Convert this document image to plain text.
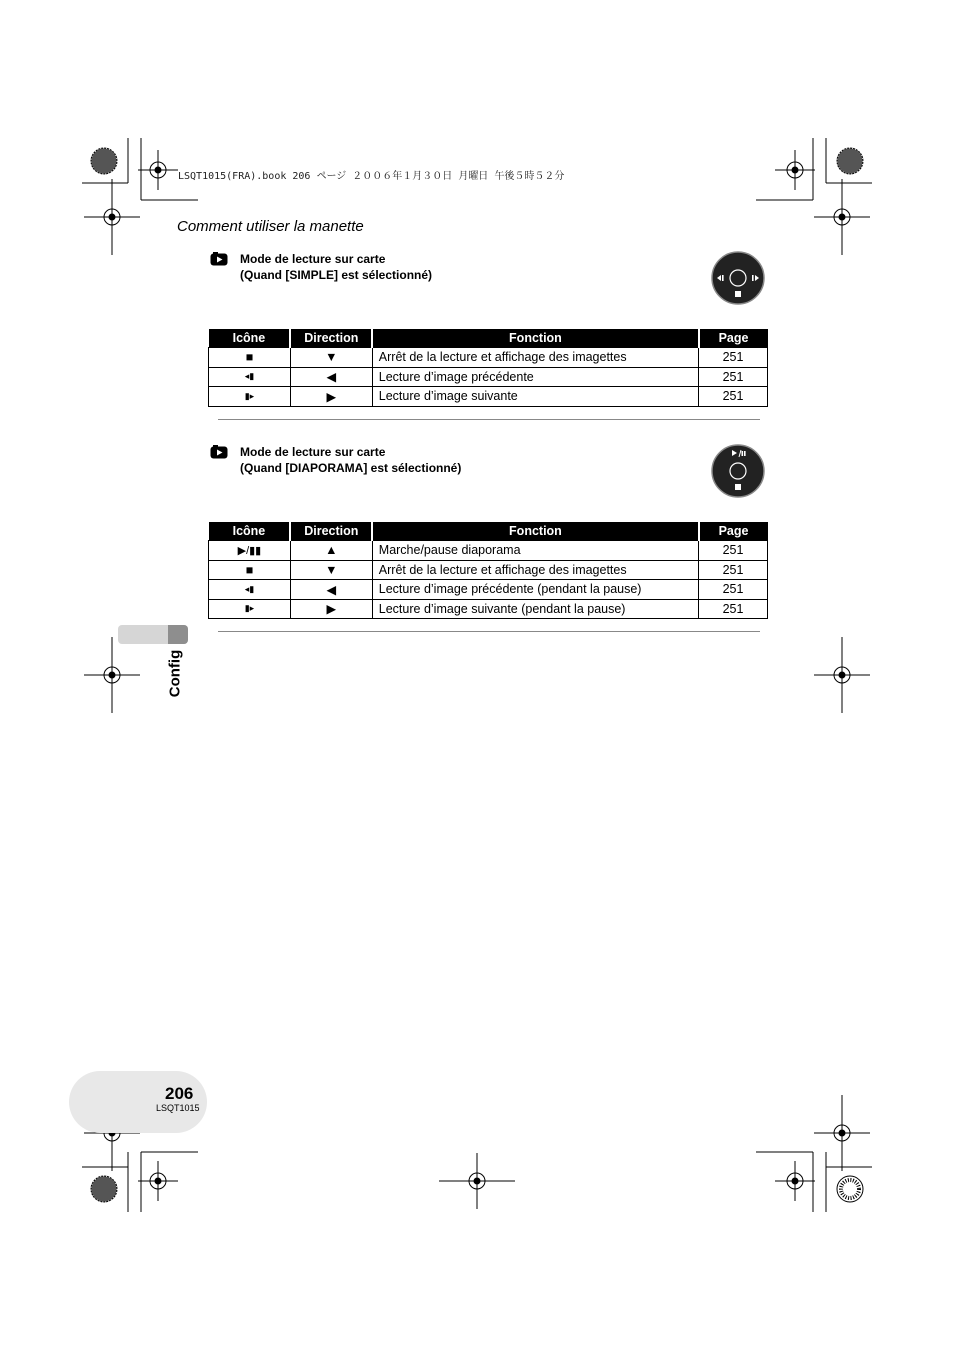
LSQT1015(FRA).book 206 ページ ２００６年１月３０日 月曜日 午後５時５２分
Comment utiliser la manette
Mode de lecture sur carte
(Quand [SIMPLE] est sélectionné)
Icône	Direction	Fonction	Page
■	▼	Arrêt de la lecture et affichage des imagettes	251
◂▮	◀	Lecture d’image précédente	251
▮▸	▶	Lecture d’image suivante	251
Mode de lecture sur carte
(Quand [DIAPORAMA] est sélectionné)
Icône	Direction	Fonction	Page
▶/▮▮	▲	Marche/pause diaporama	251
■	▼	Arrêt de la lecture et affichage des imagettes	251
◂▮	◀	Lecture d’image précédente (pendant la pause)	251
▮▸	▶	Lecture d’image suivante (pendant la pause)	251
Config
206
LSQT1015
